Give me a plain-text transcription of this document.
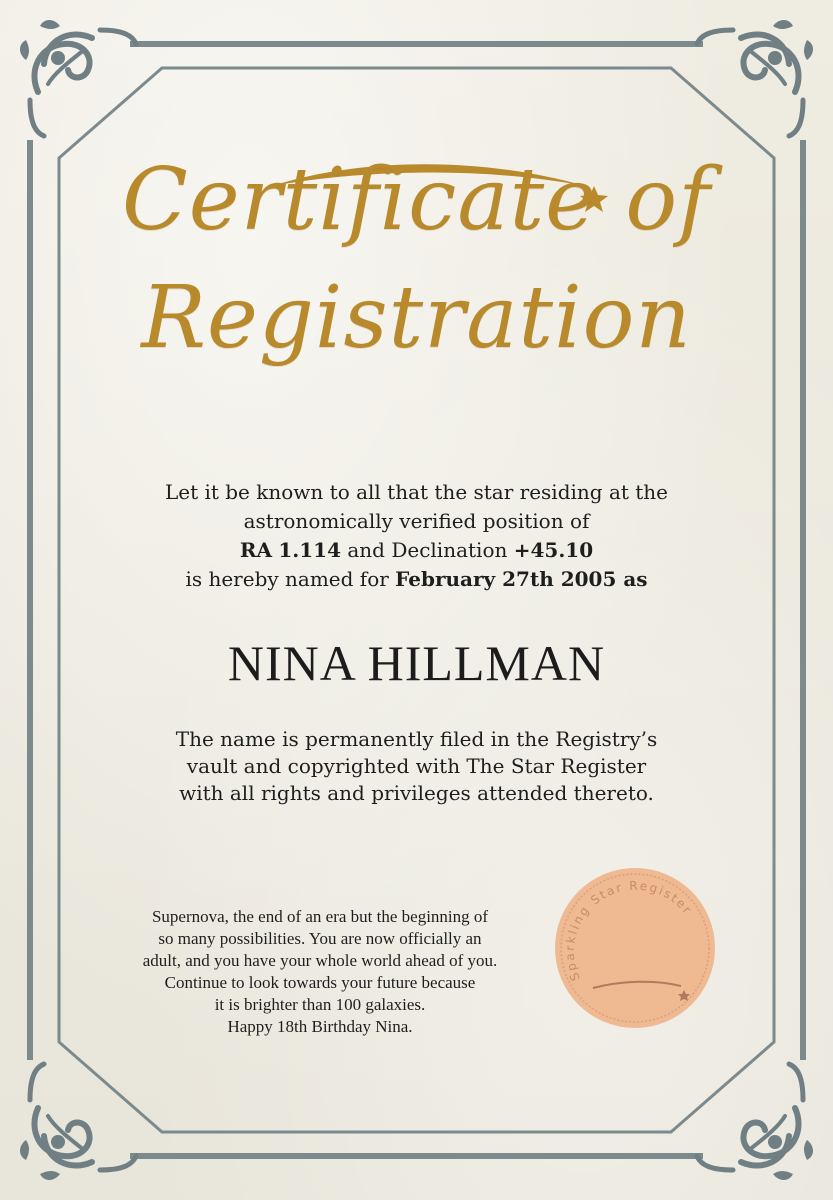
Certificate of
Registration
Let it be known to all that the star residing at the
astronomically verified position of
RA 1.114 and Declination +45.10
is hereby named for February 27th 2005 as
NINA HILLMAN
The name is permanently filed in the Registry’s
vault and copyrighted with The Star Register
with all rights and privileges attended thereto.
Supernova, the end of an era but the beginning of
so many possibilities. You are now officially an
adult, and you have your whole world ahead of you.
Continue to look towards your future because
it is brighter than 100 galaxies.
Happy 18th Birthday Nina.
Sparkling Star Register
